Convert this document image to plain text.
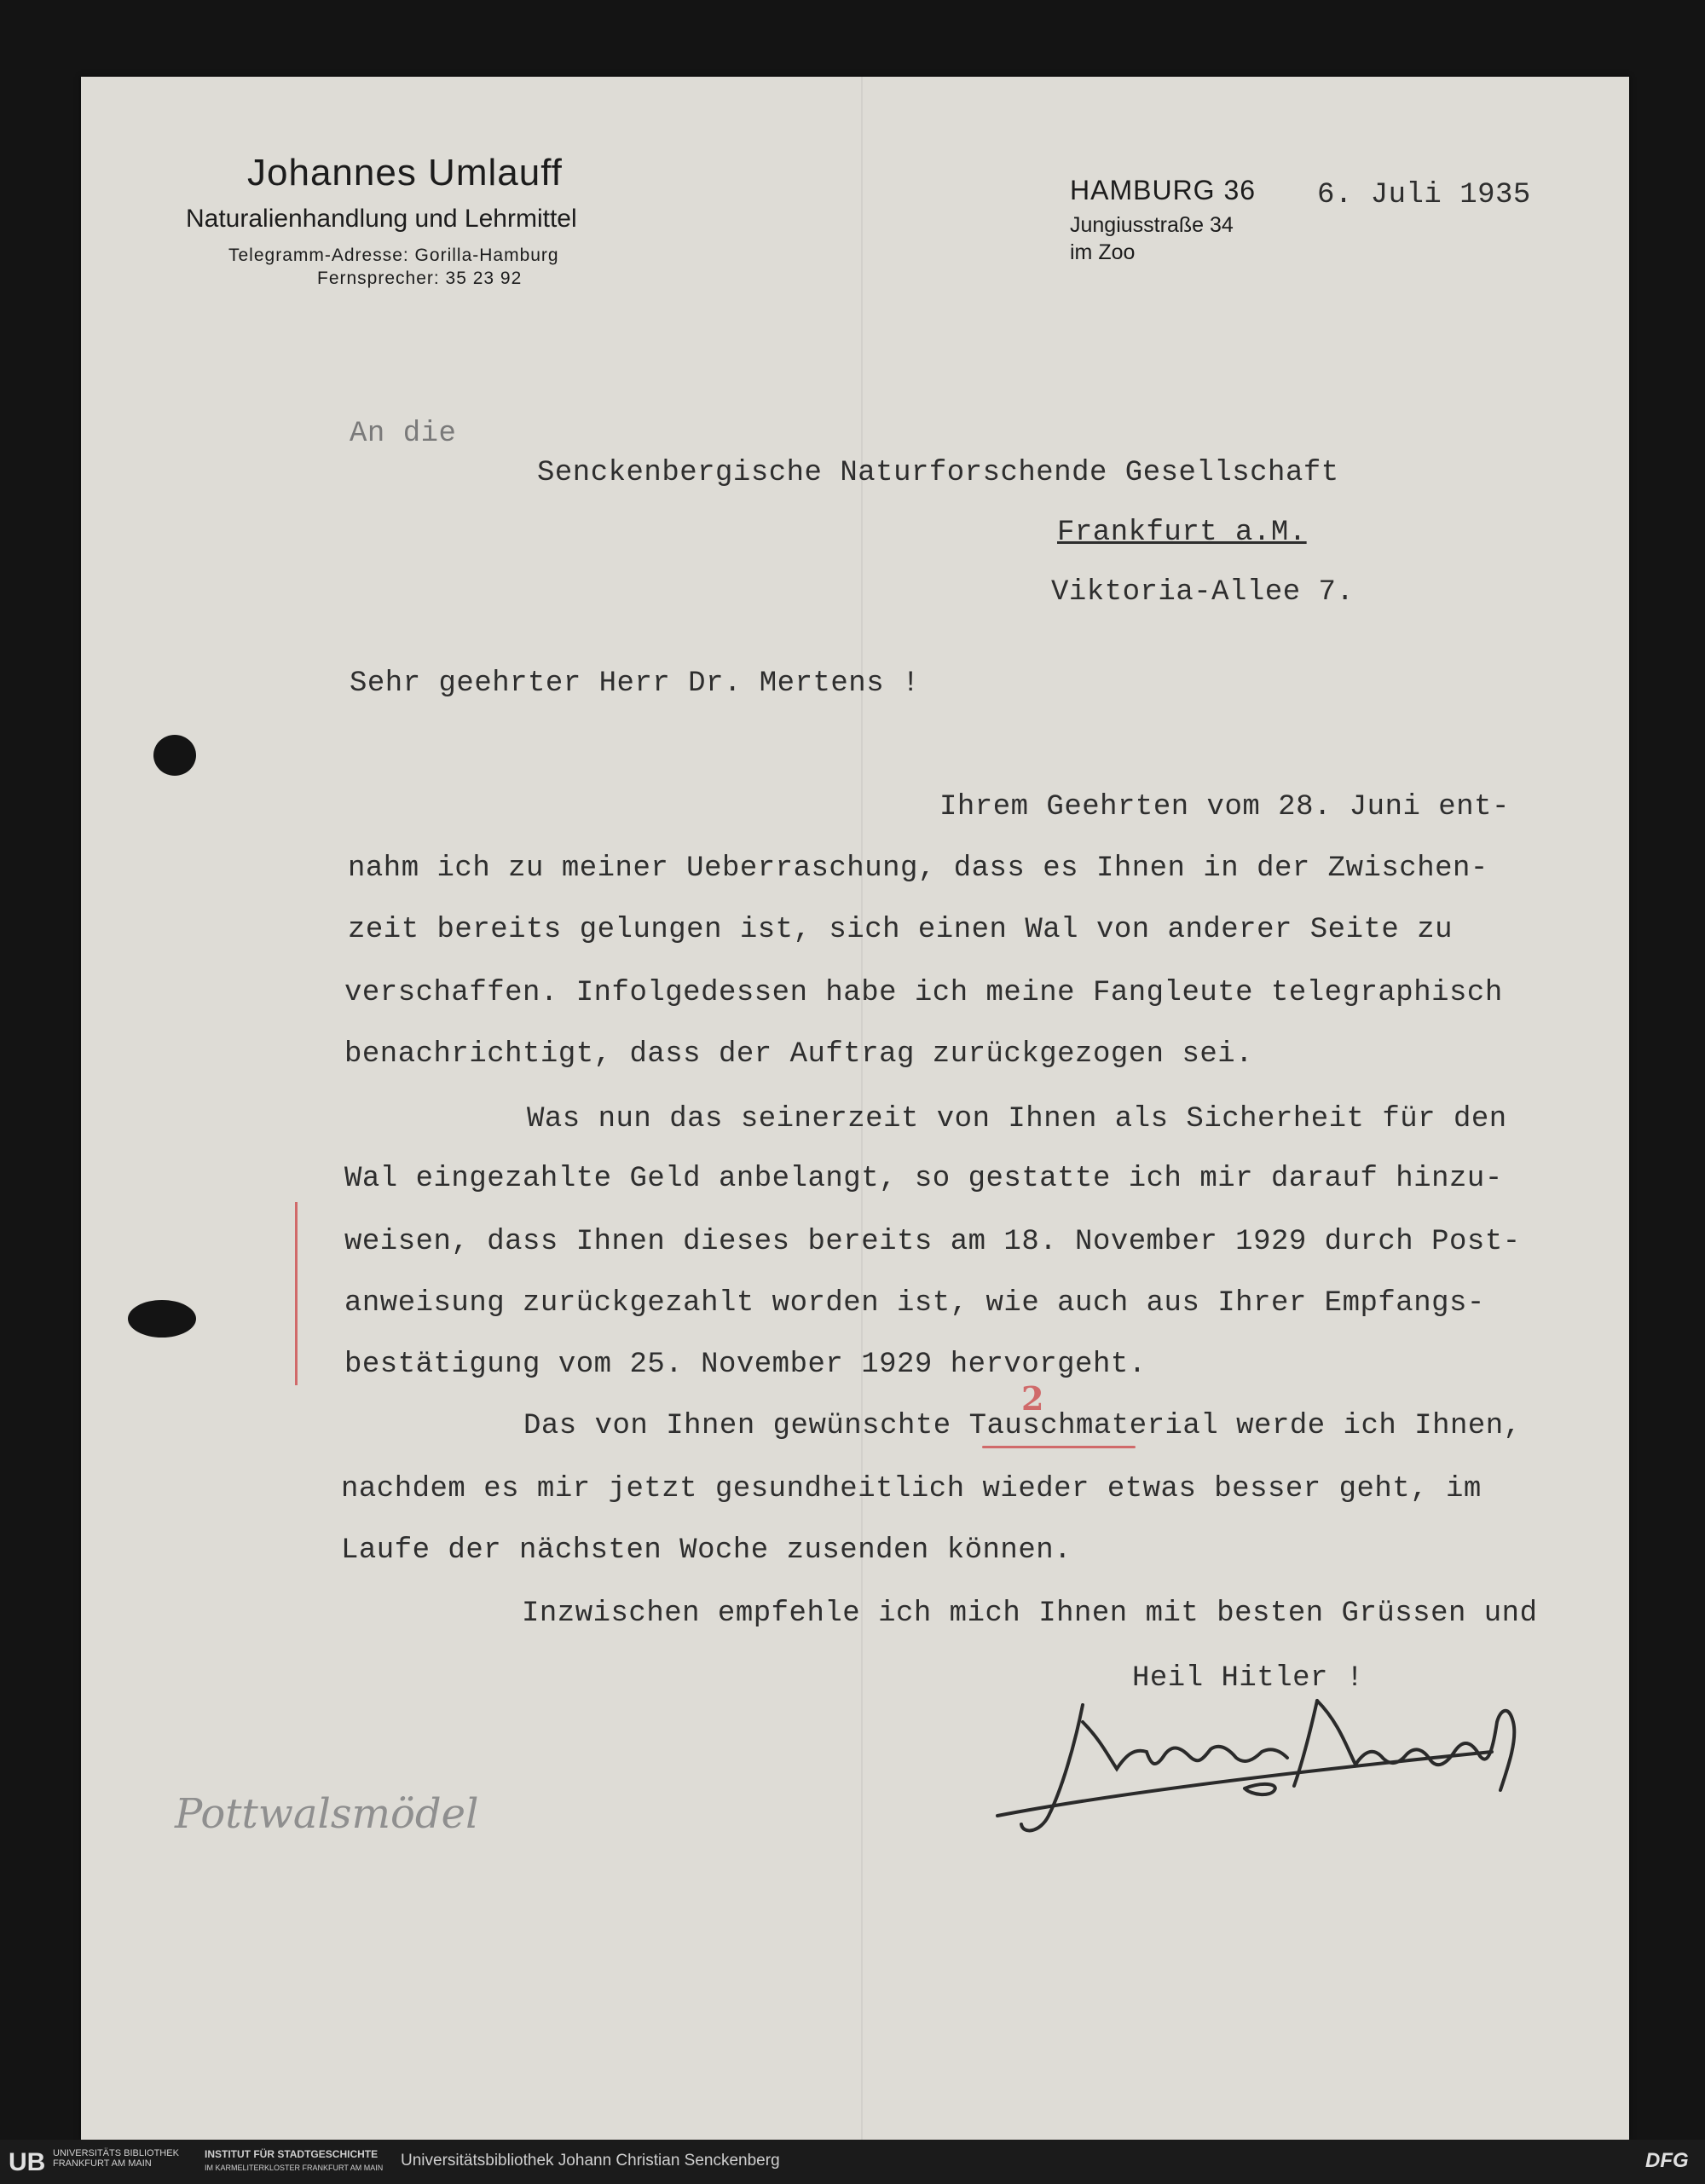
Johannes Umlauff
Naturalienhandlung und Lehrmittel
Telegramm-Adresse: Gorilla-Hamburg
Fernsprecher: 35 23 92
HAMBURG 36
Jungiusstraße 34
im Zoo
6. Juli 1935
An die
Senckenbergische Naturforschende Gesellschaft
Frankfurt a.M.
Viktoria-Allee 7.
Sehr geehrter Herr Dr. Mertens !
Ihrem Geehrten vom 28. Juni ent-
nahm ich zu meiner Ueberraschung, dass es Ihnen in der Zwischen-
zeit bereits gelungen ist, sich einen Wal von anderer Seite zu
verschaffen. Infolgedessen habe ich meine Fangleute telegraphisch
benachrichtigt, dass der Auftrag zurückgezogen sei.
Was nun das seinerzeit von Ihnen als Sicherheit für den
Wal eingezahlte Geld anbelangt, so gestatte ich mir darauf hinzu-
weisen, dass Ihnen dieses bereits am 18. November 1929 durch Post-
anweisung zurückgezahlt worden ist, wie auch aus Ihrer Empfangs-
bestätigung vom 25. November 1929 hervorgeht.
Das von Ihnen gewünschte Tauschmaterial werde ich Ihnen,
nachdem es mir jetzt gesundheitlich wieder etwas besser geht, im
Laufe der nächsten Woche zusenden können.
Inzwischen empfehle ich mich Ihnen mit besten Grüssen und
Heil Hitler !
2
Pottwalsmödel
UB UNIVERSITÄTS BIBLIOTHEK FRANKFURT AM MAIN
INSTITUT FÜR STADTGESCHICHTE
IM KARMELITERKLOSTER FRANKFURT AM MAIN Universitätsbibliothek Johann Christian Senckenberg	DFG
